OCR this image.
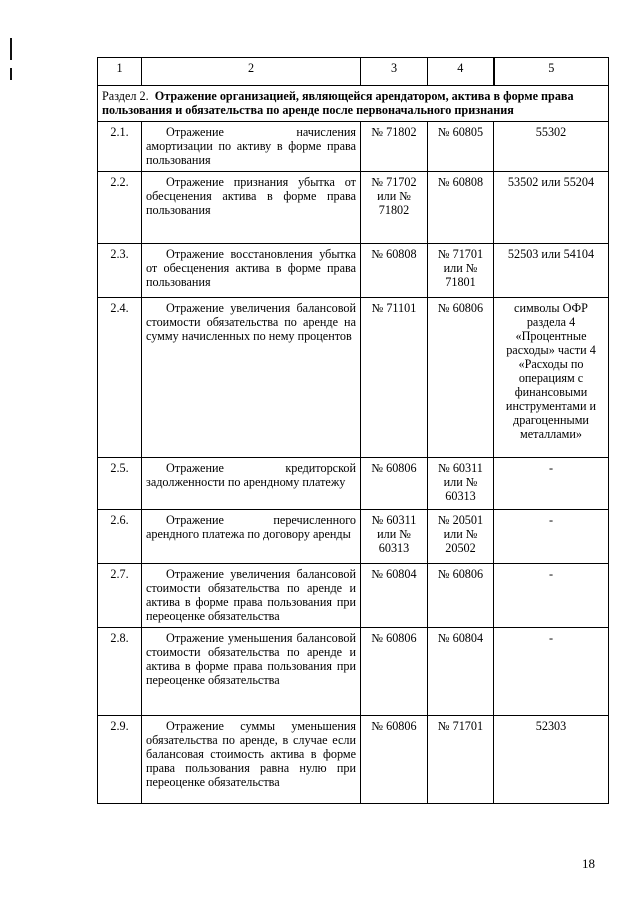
1	2	3	4	5
Раздел 2. Отражение организацией, являющейся арендатором, актива в форме права пользования и обязательства по аренде после первоначального признания				
2.1.	Отражение начисления амортизации по активу в форме права пользования	№ 71802	№ 60805	55302
2.2.	Отражение признания убытка от обесценения актива в форме права пользования	№ 71702 или № 71802	№ 60808	53502 или 55204
2.3.	Отражение восстановления убытка от обесценения актива в форме права пользования	№ 60808	№ 71701 или № 71801	52503 или 54104
2.4.	Отражение увеличения балансовой стоимости обязательства по аренде на сумму начисленных по нему процентов	№ 71101	№ 60806	символы ОФР раздела 4 «Процентные расходы» части 4 «Расходы по операциям с финансовыми инструментами и драгоценными металлами»
2.5.	Отражение кредиторской задолженности по арендному платежу	№ 60806	№ 60311 или № 60313	-
2.6.	Отражение перечисленного арендного платежа по договору аренды	№ 60311 или № 60313	№ 20501 или № 20502	-
2.7.	Отражение увеличения балансовой стоимости обязательства по аренде и актива в форме права пользования при переоценке обязательства	№ 60804	№ 60806	-
2.8.	Отражение уменьшения балансовой стоимости обязательства по аренде и актива в форме права пользования при переоценке обязательства	№ 60806	№ 60804	-
2.9.	Отражение суммы уменьшения обязательства по аренде, в случае если балансовая стоимость актива в форме права пользования равна нулю при переоценке обязательства	№ 60806	№ 71701	52303
18
